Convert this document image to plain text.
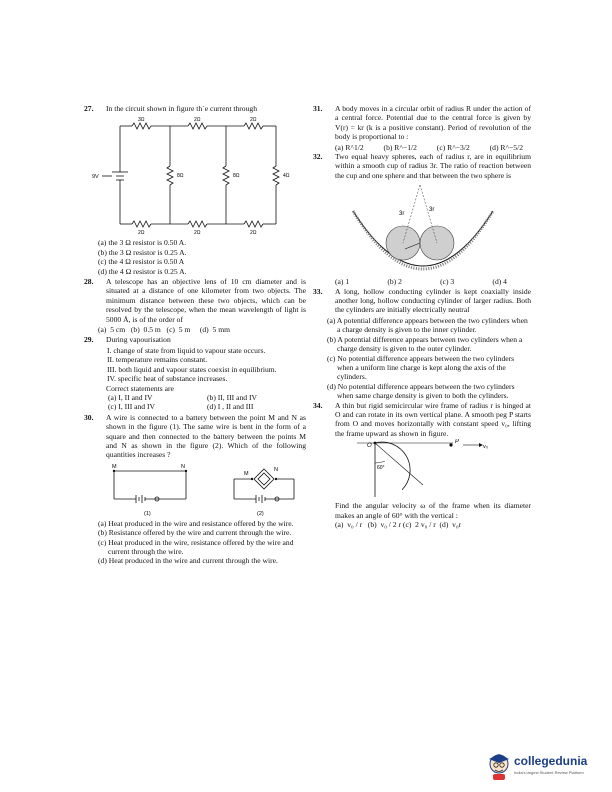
27. In the circuit shown in figure th`e current through
9V
3Ω	2Ω	2Ω
2Ω	2Ω	2Ω
8Ω	8Ω	4Ω

(a) the 3 Ω resistor is 0.50 A.

(b) the 3 Ω resistor is 0.25 A.

(c) the 4 Ω resistor is 0.50 A

(d) the 4 Ω resistor is 0.25 A.

28. A telescope has an objective lens of 10 cm diameter and is situated at a distance of one kilometer from two objects. The minimum distance between these two objects, which can be resolved by the telescope, when the mean wavelength of light is 5000 Å, is of the order of

(a)  5 cm   (b)  0.5 m   (c)  5 m     (d)  5 mm

29. During vapourisation

I. change of state from liquid to vapour state occurs.

II. temperature remains constant.

III. both liquid and vapour states coexist in equilibrium.

IV. specific heat of substance increases.

Correct statements are

(a) I, II and IV	(b) II, III and IV
(c) I, III and IV	(d) I , II and III
30. A wire is connected to a battery between the point M and N as shown in the figure (1). The same wire is bent in the form of a square and then connected to the battery between the points M and N as shown in the figure (2). Which of the following quantities increases ?
M	N
M
N
(1)	(2)

(a) Heat produced in the wire and resistance offered by the wire.

(b) Resistance offered by the wire and current through the wire.

(c) Heat produced in the wire, resistance offered by the wire and current through the wire.

(d) Heat produced in the wire and current through the wire.

31. A body moves in a circular orbit of radius R under the action of a central force. Potential due to the central force is given by V(r) = kr (k is a positive constant). Period of revolution of the body is proportional to :
(a) R^1/2	(b) R^−1/2	(c) R^−3/2	(d) R^−5/2
32. Two equal heavy spheres, each of radius r, are in equilibrium within a smooth cup of radius 3r. The ratio of reaction between the cup and one sphere and that between the two sphere is
3r
3r
(a) 1	(b) 2	(c) 3	(d) 4
33. A long, hollow conducting cylinder is kept coaxially inside another long, hollow conducting cylinder of larger radius. Both the cylinders are initially electrically neutral

(a) A potential difference appears between the two cylinders when a charge density is given to the inner cylinder.

(b) A potential difference appears between two cylinders when a charge density is given to the outer cylinder.

(c) No potential difference appears between the two cylinders when a uniform line charge is kept along the axis of the cylinders.

(d) No potential difference appears between the two cylinders when same charge density is given to both the cylinders.

34. A thin but rigid semicircular wire frame of radius r is hinged at O and can rotate in its own vertical plane. A smooth peg P starts from O and moves horizontally with constant speed v₀, lifting the frame upward as shown in figure.
O
P
v₀
60°

Find the angular velocity ω of the frame when its diameter makes an angle of 60° with the vertical :

(a)  v₀ / r   (b)  v₀ / 2 r (c)  2 v₀ / r  (d)  v₀r

collegedunia
India's largest Student Review Platform
